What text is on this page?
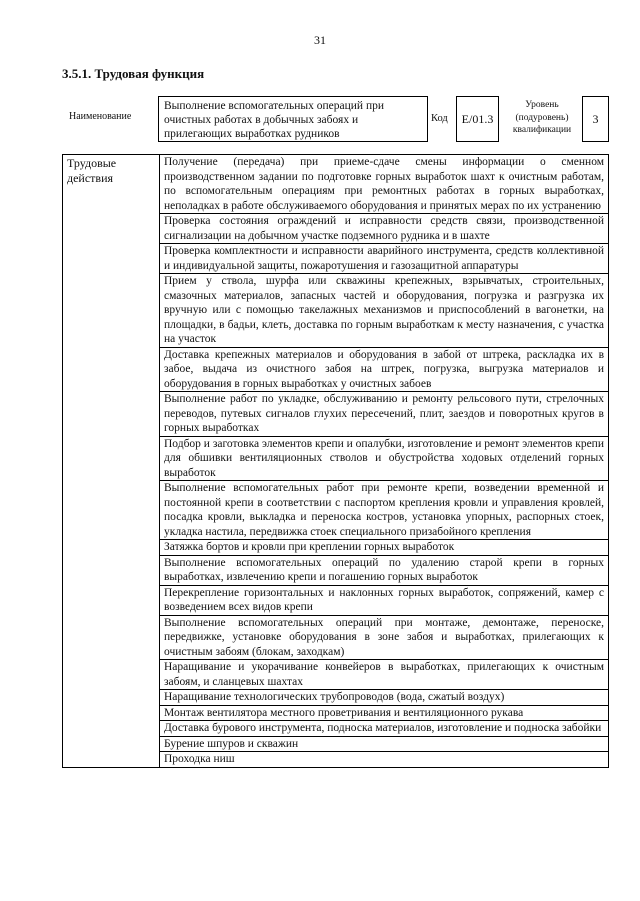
31
3.5.1. Трудовая функция
Наименование
Выполнение вспомогательных операций при очистных работах в добычных забоях и прилегающих выработках рудников
Код	E/01.3
Уровень (подуровень) квалификации
3
Трудовые действия	Получение (передача) при приеме-сдаче смены информации о сменном производственном задании по подготовке горных выработок шахт к очистным работам, по вспомогательным операциям при ремонтных работах в горных выработках, неполадках в работе обслуживаемого оборудования и принятых мерах по их устранению
Проверка состояния ограждений и исправности средств связи, производственной сигнализации на добычном участке подземного рудника и в шахте
Проверка комплектности и исправности аварийного инструмента, средств коллективной и индивидуальной защиты, пожаротушения и газозащитной аппаратуры
Прием у ствола, шурфа или скважины крепежных, взрывчатых, строительных, смазочных материалов, запасных частей и оборудования, погрузка и разгрузка их вручную или с помощью такелажных механизмов и приспособлений в вагонетки, на площадки, в бадьи, клеть, доставка по горным выработкам к месту назначения, с участка на участок
Доставка крепежных материалов и оборудования в забой от штрека, раскладка их в забое, выдача из очистного забоя на штрек, погрузка, выгрузка материалов и оборудования в горных выработках у очистных забоев
Выполнение работ по укладке, обслуживанию и ремонту рельсового пути, стрелочных переводов, путевых сигналов глухих пересечений, плит, заездов и поворотных кругов в горных выработках
Подбор и заготовка элементов крепи и опалубки, изготовление и ремонт элементов крепи для обшивки вентиляционных стволов и обустройства ходовых отделений горных выработок
Выполнение вспомогательных работ при ремонте крепи, возведении временной и постоянной крепи в соответствии с паспортом крепления кровли и управления кровлей, посадка кровли, выкладка и переноска костров, установка упорных, распорных стоек, укладка настила, передвижка стоек специального призабойного крепления
Затяжка бортов и кровли при креплении горных выработок
Выполнение вспомогательных операций по удалению старой крепи в горных выработках, извлечению крепи и погашению горных выработок
Перекрепление горизонтальных и наклонных горных выработок, сопряжений, камер с возведением всех видов крепи
Выполнение вспомогательных операций при монтаже, демонтаже, переноске, передвижке, установке оборудования в зоне забоя и выработках, прилегающих к очистным забоям (блокам, заходкам)
Наращивание и укорачивание конвейеров в выработках, прилегающих к очистным забоям, и сланцевых шахтах
Наращивание технологических трубопроводов (вода, сжатый воздух)
Монтаж вентилятора местного проветривания и вентиляционного рукава
Доставка бурового инструмента, подноска материалов, изготовление и подноска забойки
Бурение шпуров и скважин
Проходка ниш
